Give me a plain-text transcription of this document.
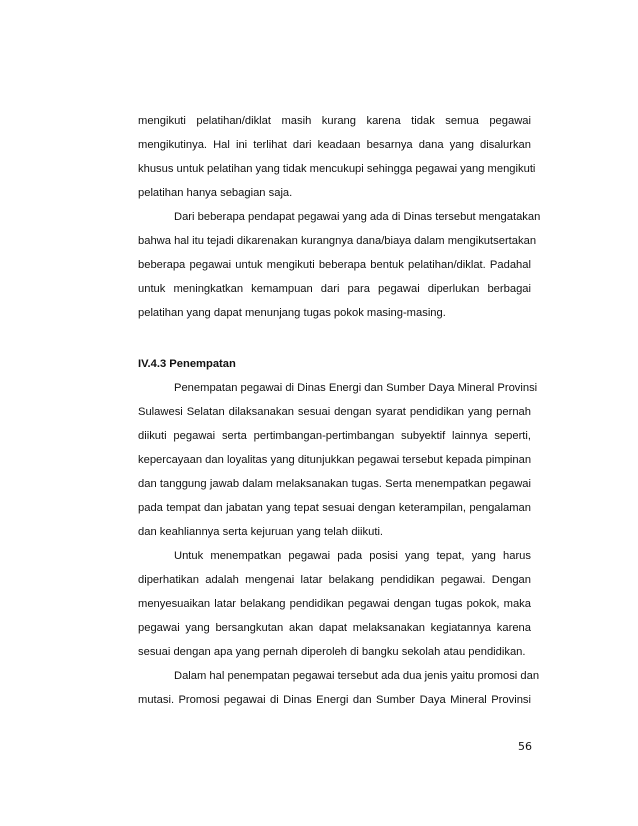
mengikuti pelatihan/diklat masih kurang karena tidak semua pegawai
mengikutinya. Hal ini terlihat dari keadaan besarnya dana yang disalurkan
khusus untuk pelatihan yang tidak mencukupi sehingga pegawai yang mengikuti
pelatihan hanya sebagian saja.
Dari beberapa pendapat pegawai yang ada di Dinas tersebut mengatakan
bahwa hal itu tejadi dikarenakan kurangnya dana/biaya dalam mengikutsertakan
beberapa pegawai untuk mengikuti beberapa bentuk pelatihan/diklat. Padahal
untuk meningkatkan kemampuan dari para pegawai diperlukan berbagai
pelatihan yang dapat menunjang tugas pokok masing-masing.
IV.4.3 Penempatan
Penempatan pegawai di Dinas Energi dan Sumber Daya Mineral Provinsi
Sulawesi Selatan dilaksanakan sesuai dengan syarat pendidikan yang pernah
diikuti pegawai serta pertimbangan-pertimbangan subyektif lainnya seperti,
kepercayaan dan loyalitas yang ditunjukkan pegawai tersebut kepada pimpinan
dan tanggung jawab dalam melaksanakan tugas. Serta menempatkan pegawai
pada tempat dan jabatan yang tepat sesuai dengan keterampilan, pengalaman
dan keahliannya serta kejuruan yang telah diikuti.
Untuk menempatkan pegawai pada posisi yang tepat, yang harus
diperhatikan adalah mengenai latar belakang pendidikan pegawai. Dengan
menyesuaikan latar belakang pendidikan pegawai dengan tugas pokok, maka
pegawai yang bersangkutan akan dapat melaksanakan kegiatannya karena
sesuai dengan apa yang pernah diperoleh di bangku sekolah atau pendidikan.
Dalam hal penempatan pegawai tersebut ada dua jenis yaitu promosi dan
mutasi. Promosi pegawai di Dinas Energi dan Sumber Daya Mineral Provinsi
56
